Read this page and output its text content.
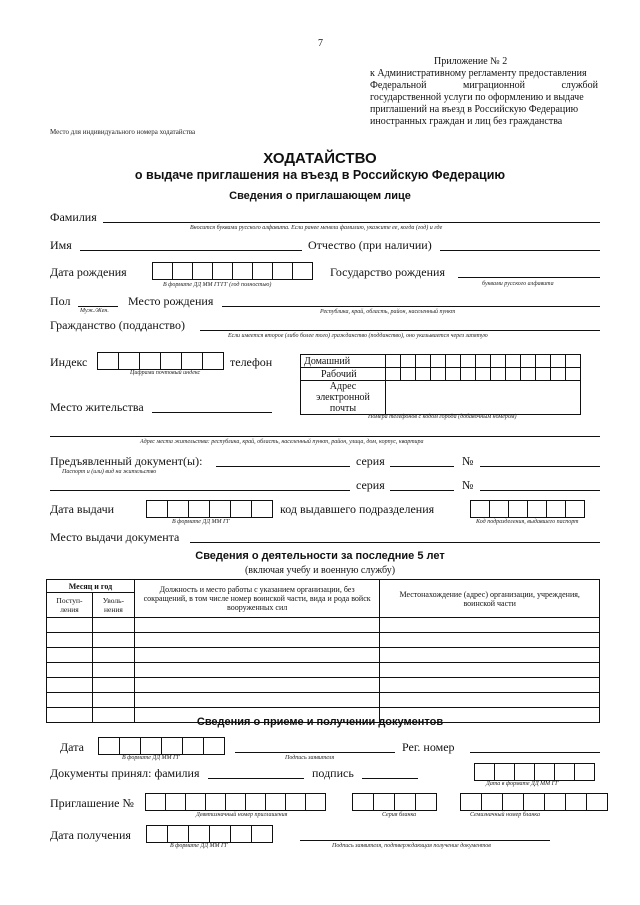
7
Приложение № 2
к Административному регламенту предоставления
Федеральной миграционной службой
государственной услуги по оформлению и выдаче
приглашений на въезд в Российскую Федерацию
иностранных граждан и лиц без гражданства
Место для индивидуального номера ходатайства
ХОДАТАЙСТВО
о выдаче приглашения на въезд в Российскую Федерацию
Сведения о приглашающем лице
Фамилия
Вносится буквами русского алфавита. Если ранее меняли фамилию, укажите ее, когда (год) и где
Имя	Отчество (при наличии)
Дата рождения
В формате ДД ММ ГГГГ (год полностью)
Государство рождения
буквами русского алфавита
Пол
Муж./Жен.
Место рождения
Республика, край, область, район, населенный пункт
Гражданство (подданство)
Если имеется второе (либо более того) гражданство (подданство), оно указывается через запятую
Индекс
Цифрами почтовый индекс
телефон	Домашний													
Рабочий													
Адрес электронной почты													
Место жительства
Номера телефонов с кодом города (добавочным номером)
Адрес места жительства: республика, край, область, населенный пункт, район, улица, дом, корпус, квартира
Предъявленный документ(ы):
Паспорт и (или) вид на жительство
серия	№
серия	№
Дата выдачи
В формате ДД ММ ГГ
код выдавшего подразделения
Код подразделения, выдавшего паспорт
Место выдачи документа
Сведения о деятельности за последние 5 лет
(включая учебу и военную службу)
Месяц и год		Должность и место работы с указанием организации, без сокращений, в том числе номер воинской части, вида и рода войск вооруженных сил	Местонахождение (адрес) организации, учреждения, воинской части
Поступ-ления	Уволь-нения		

Сведения о приеме и получении документов
Дата
В формате ДД ММ ГГ	Подпись заявителя
Рег. номер
Документы принял: фамилия	подпись
Дата в формате ДД ММ ГГ
Приглашение №
Девятизначный номер приглашения	Серия бланка	Семизначный номер бланка
Дата получения
В формате ДД ММ ГГ	Подпись заявителя, подтверждающая получение документов
